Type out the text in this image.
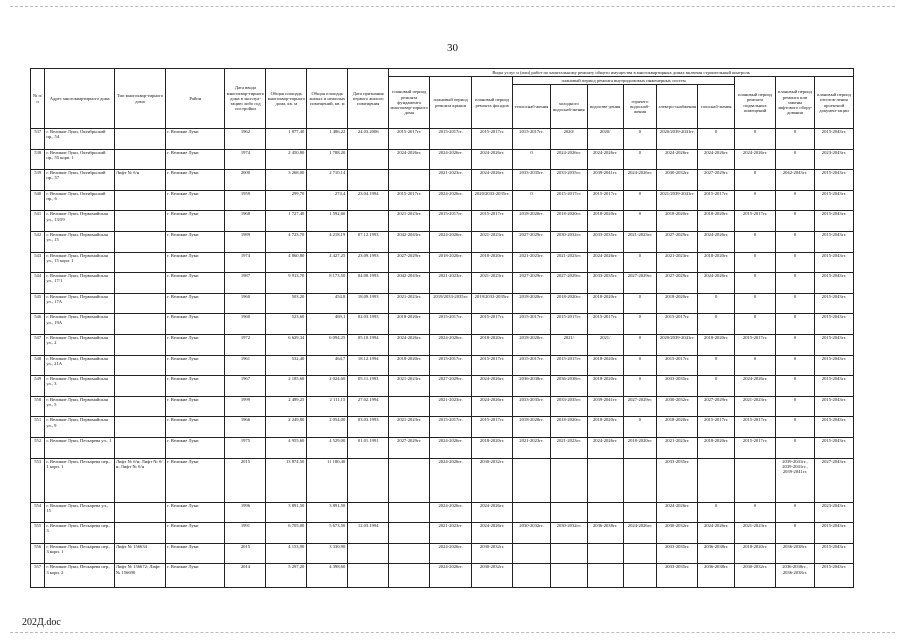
30
№ п/п	Адрес многоквартирного дома	Тип многоквар-тирного дома	Район	Дата ввода многоквар-тирного дома в эксплуа-тацию либо год постройки	Общая площадь многоквар-тирного дома, кв. м	Общая площадь жилых и нежилых помещений, кв. м	Дата признания первого жилого помещения	Виды услуг и (или) работ по капитальному ремонту общего имущества в многоквартирных домах включая строительный контроль											
								плановый период ремонта фундамента многоквар-тирного дома	плановый период ремонта крыши	плановый период ремонта фасадов	плановый период ремонта внутридомовых инженерных систем						плановый период ремонта подвальных помещений	плановый период ремонта или замены лифтового обору-дования	плановый период изготов-ления проектной докумен-тации
											теплоснаб-жения	холодного водоснаб-жения	водоотве-дения	горячего водоснаб-жения	электро-снабжения	газоснаб-жения			
537	г. Великие Луки, Октябрьский пр., 54		г. Великие Луки	1962	1 877,40	1 486,22	24.03.2006	2015-2017гг.	2015-2017гг.	2015-2017гг.	2015-2017гг.	2020/	2020/	0	2020/2039-2041гг.	0	0	0	2015-2043гг.
538	г. Великие Луки, Октябрьский пр., 55 корп. 1		г. Великие Луки	1974	2 450,80	1 788,20		2024-2026гг.	2024-2026гг.	2024-2026гг.	0	2024-2026гг.	2024-2026гг.	0	2024-2026гг.	2024-2026гг.	2024-2026гг.	0	2023-2043гг.
539	г. Великие Луки, Октябрьский пр., 57	Лифт № б/н	г. Великие Луки	2000	3 268,00	2 710,14			2021-2023гг.	2024-2026гг.	2033-2035гг.	2033-2035гг.	2039-2041гг.	2024-2026гг.	2030-2032гг.	2027-2029гг.	0	2042-2043гг.	2015-2043гг.
540	г. Великие Луки, Октябрьский пр., 6		г. Великие Луки	1959	299,70	274,4	23.04.1994	2015-2017гг.	2024-2026гг.	2020/2033-2035гг.	0	2015-2017гг.	2015-2017гг.	0	2021/2039-2041гг.	2015-2017гг.	0	0	2015-2043гг.
541	г. Великие Луки, Первомайская ул., 13/59		г. Великие Луки	1968	1 727,40	1 592,60		2021-2023гг.	2015-2017гг.	2015-2017гг.	2018-2020гг.	2018-2020гг.	2018-2020гг.	0	2018-2020гг.	2018-2020гг.	2015-2017гг.	0	2015-2043гг.
542	г. Великие Луки, Первомайская ул., 15		г. Великие Луки	1989	4 723,70	4 218,19	07.12.1993	2042-2043гг.	2024-2026гг.	2021-2023гг.	2027-2029гг.	2030-2032гг.	2033-2035гг.	2021-2023гг.	2027-2029гг.	2024-2026гг.	0	0	2015-2043гг.
543	г. Великие Луки, Первомайская ул., 15 корп. 1		г. Великие Луки	1974	4 860,80	4 427,25	23.09.1993	2027-2029гг.	2018-2020гг.	2018-2020гг.	2021-2023гг.	2021-2023гг.	2024-2026гг.	0	2021-2023гг.	2018-2020гг.	0	0	2015-2043гг.
544	г. Великие Луки, Первомайская ул., 17/1		г. Великие Луки	1987	9 913,70	8 173,50	04.08.1993	2042-2043гг.	2021-2023гг.	2021-2023гг.	2027-2029гг.	2027-2029гг.	2033-2035гг.	2027-2029гг.	2027-2029гг.	2024-2026гг.	0	0	2015-2043гг.
545	г. Великие Луки, Первомайская ул., 17А		г. Великие Луки	1960	503,20	454,8	18.09.1993	2021-2023гг.	2019/2033-2035гг.	2019/2033-2035гг.	2018-2020гг.	2018-2020гг.	2018-2020гг.	0	2018-2020гг.	0	0	0	2015-2043гг.
546	г. Великие Луки, Первомайская ул., 19А		г. Великие Луки	1960	523,60	469,1	02.03.1993	2018-2020гг.	2015-2017гг.	2015-2017гг.	2015-2017гг.	2015-2017гг.	2015-2017гг.	0	2015-2017гг.	0	0	0	2015-2043гг.
547	г. Великие Луки, Первомайская ул., 2		г. Великие Луки	1972	6 629,34	6 094,25	05.10.1994	2024-2026гг.	2024-2026гг.	2018-2020гг.	2018-2020гг.	2021/	2021/	0	2020/2039-2041гг.	2018-2020гг.	2015-2017гг.	0	2015-2043гг.
548	г. Великие Луки, Первомайская ул., 21А		г. Великие Луки	1961	532,40	464,7	18.12.1994	2018-2020гг.	2015-2017гг.	2015-2017гг.	2015-2017гг.	2015-2017гг.	2018-2020гг.	0	2015-2017гг.	0	0	0	2015-2043гг.
549	г. Великие Луки, Первомайская ул., 3		г. Великие Луки	1967	2 185,60	2 024,60	05.11.1993	2021-2023гг.	2027-2029гг.	2024-2026гг.	2036-2038гг.	2036-2038гг.	2018-2020гг.	0	2033-2035гг.	0	2024-2026гг.	0	2015-2043гг.
550	г. Великие Луки, Первомайская ул., 5		г. Великие Луки	1999	2 489,25	2 111,15	27.02.1994		2021-2023гг.	2024-2026гг.	2033-2035гг.	2033-2035гг.	2039-2041гг.	2027-2029гг.	2030-2032гг.	2027-2029гг.	2021-2023гг.	0	2015-2043гг.
551	г. Великие Луки, Первомайская ул., 9		г. Великие Луки	1966	2 249,80	2 054,00	03.03.1993	2021-2023гг.	2015-2017гг.	2015-2017гг.	2018-2020гг.	2018-2020гг.	2018-2020гг.	0	2018-2020гг.	2015-2017гг.	2015-2017гг.	0	2015-2043гг.
552	г. Великие Луки, Пескарева ул., 1		г. Великие Луки	1975	4 955,60	4 529,00	01.01.1991	2027-2029гг.	2024-2026гг.	2018-2020гг.	2021-2023гг.	2021-2023гг.	2024-2026гг.	2018-2020гг.	2021-2023гг.	2018-2020гг.	2015-2017гг.	0	2015-2043гг.
553	г. Великие Луки, Пескарева пер., 1 корп. 1	Лифт № б/н; Лифт № б/н; Лифт № б/н	г. Великие Луки	2015	13 874,50	11 180,40			2024-2026гг.	2030-2032гг.					2033-2035гг.			2039-2041гг., 2039-2041гг., 2039-2041гг.	2027-2043гг.
554	г. Великие Луки, Пескарева ул., 15		г. Великие Луки	1996	3 891,50	3 891,50			2024-2026гг.	2024-2026гг.					2024-2026гг.	0	0	0	2023-2043гг.
555	г. Великие Луки, Пескарева пер., 3		г. Великие Луки	1991	6 705,00	5 673,50	12.03.1994		2021-2023гг.	2024-2026гг.	2030-2032гг.	2030-2032гг.	2036-2038гг.	2024-2026гг.	2030-2032гг.	2024-2026гг.	2021-2023гг.	0	2015-2043гг.
556	г. Великие Луки, Пескарева пер., 3 корп. 1	Лифт № 156634	г. Великие Луки	2015	4 153,90	3 330,90			2024-2026гг.	2030-2032гг.					2033-2035гг.	2036-2038гг.	2018-2020гг.	2036-2038гг.	2015-2043гг.
557	г. Великие Луки, Пескарева пер., 3 корп. 2	Лифт № 156672; Лифт № 156690	г. Великие Луки	2014	5 297,20	4 398,60			2024-2026гг.	2030-2032гг.					2033-2035гг.	2036-2038гг.	2030-2032гг.	2036-2038гг., 2036-2038гг.	2015-2043гг.
202Д.doc
